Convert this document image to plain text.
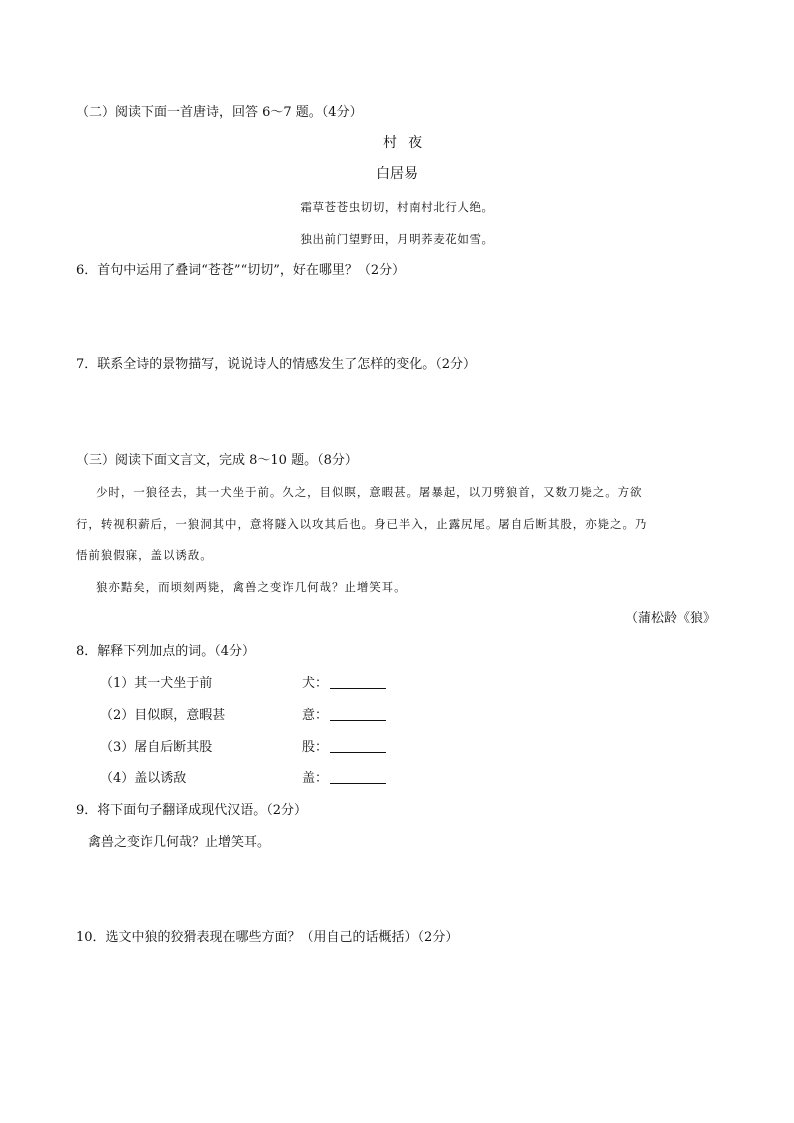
（二）阅读下面一首唐诗，回答 6～7 题。（4分）
村夜
白居易
霜草苍苍虫切切，村南村北行人绝。
独出前门望野田，月明荞麦花如雪。
6．首句中运用了叠词“苍苍”“切切”，好在哪里？（2分）
7．联系全诗的景物描写，说说诗人的情感发生了怎样的变化。（2分）
（三）阅读下面文言文，完成 8～10 题。（8分）
少时，一狼径去，其一犬坐于前。久之，目似瞑，意暇甚。屠暴起，以刀劈狼首，又数刀毙之。方欲
行，转视积薪后，一狼洞其中，意将隧入以攻其后也。身已半入，止露尻尾。屠自后断其股，亦毙之。乃
悟前狼假寐，盖以诱敌。
狼亦黠矣，而顷刻两毙，禽兽之变诈几何哉？止增笑耳。
（蒲松龄《狼》
8．解释下列加点的词。（4分）
（1）其一犬坐于前	犬：
（2）目似瞑，意暇甚	意：
（3）屠自后断其股	股：
（4）盖以诱敌	盖：
9．将下面句子翻译成现代汉语。（2分）
禽兽之变诈几何哉？止增笑耳。
10．选文中狼的狡猾表现在哪些方面？（用自己的话概括）（2分）
